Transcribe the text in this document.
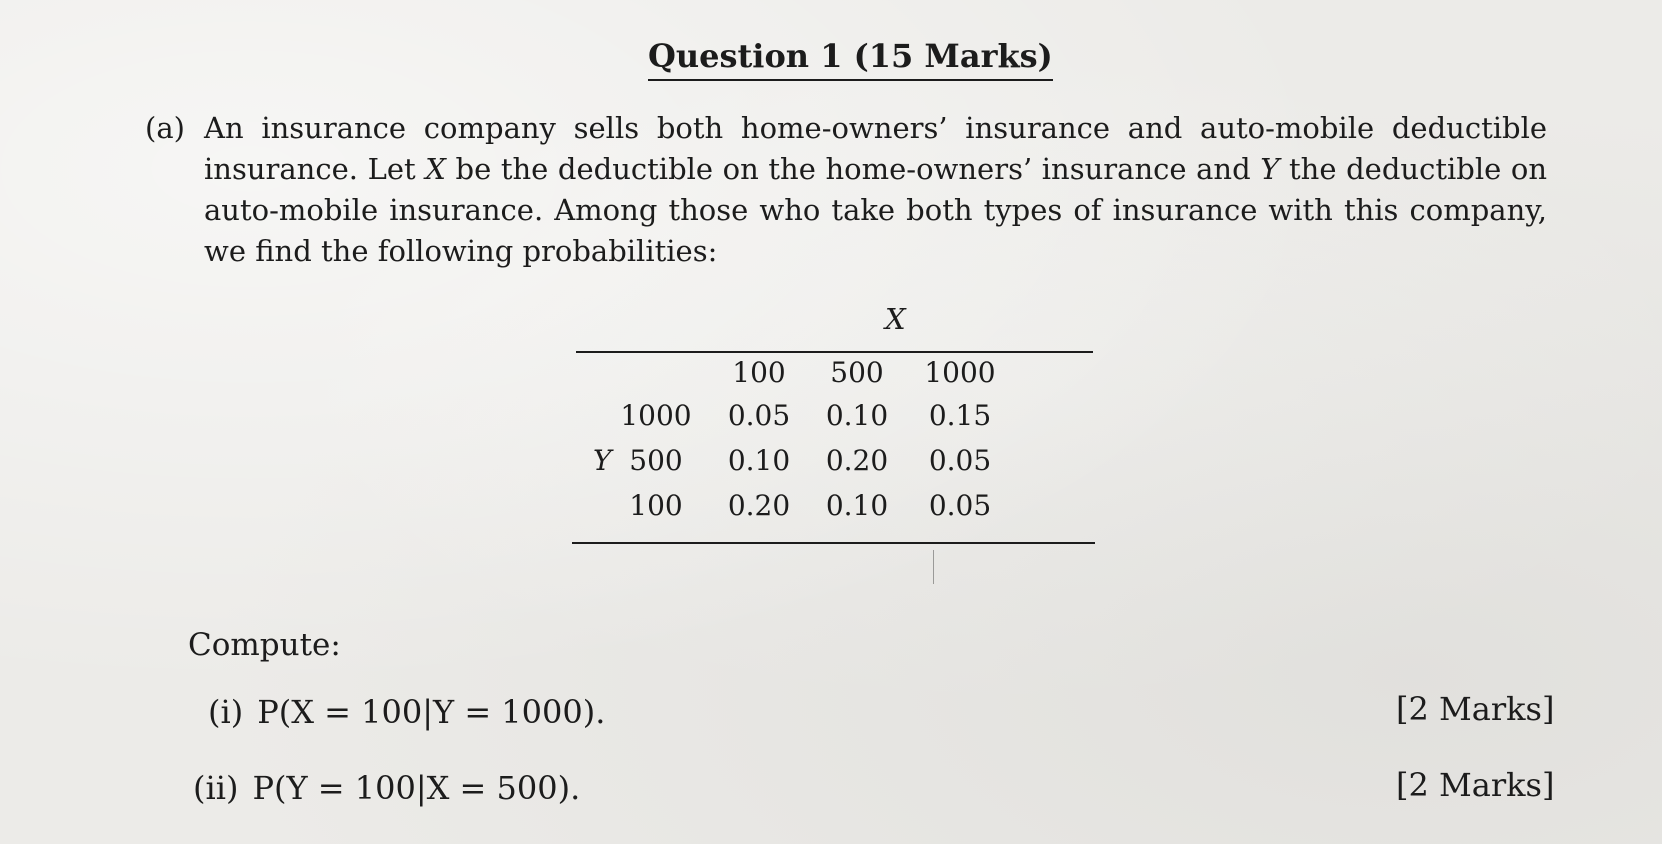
Question 1 (15 Marks)
(a) An insurance company sells both home-owners’ insurance and auto-mobile deductible insurance. Let X be the deductible on the home-owners’ insurance and Y the deductible on auto-mobile insurance. Among those who take both types of insurance with this company, we find the following probabilities:
X
100	500	1000
Y
1000	0.05	0.10	0.15
500	0.10	0.20	0.05
100	0.20	0.10	0.05
Compute:
(i) P(X = 100|Y = 1000).	[2 Marks]
(ii) P(Y = 100|X = 500).	[2 Marks]
